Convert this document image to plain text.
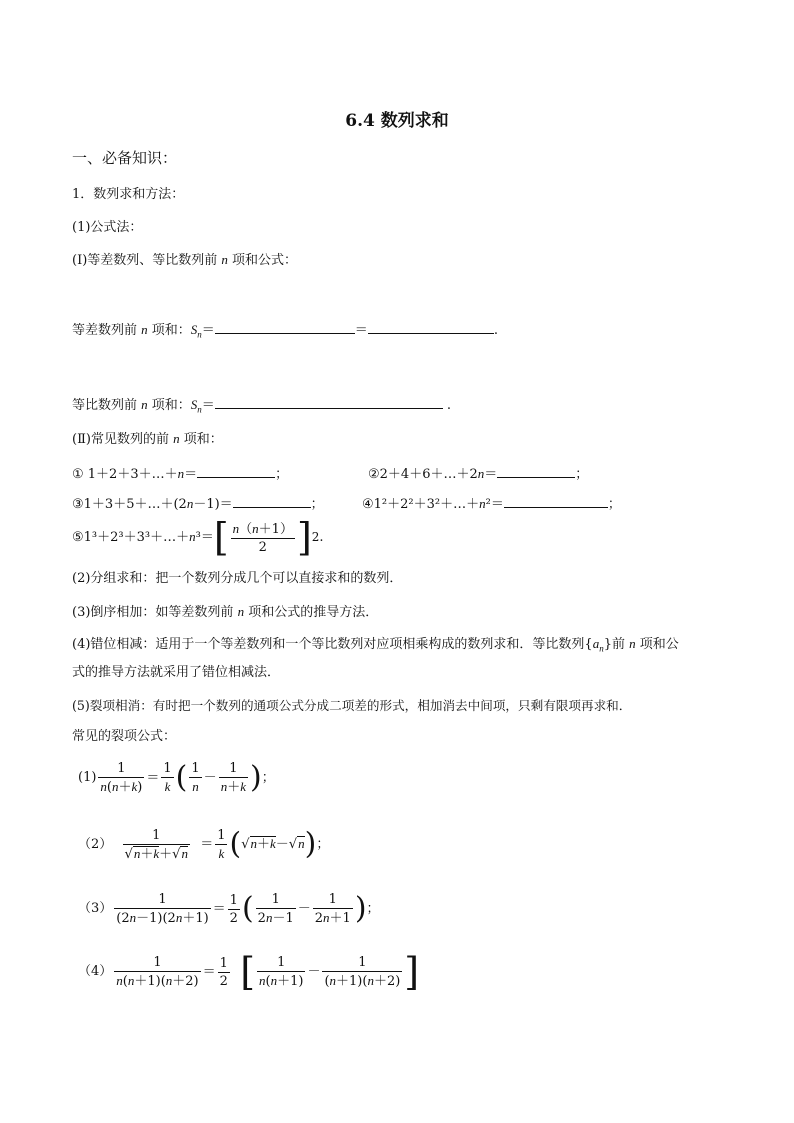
6.4 数列求和
一、必备知识：
1．数列求和方法：
(1)公式法：
(Ⅰ)等差数列、等比数列前 n 项和公式：
等差数列前 n 项和：$S_n=$	＝	.
等比数列前 n 项和：$S_n=$	.
(Ⅱ)常见数列的前 n 项和：
① 1＋2＋3＋…＋n＝	；	②2＋4＋6＋…＋2n＝	；
③1＋3＋5＋…＋(2n－1)＝	；	④1²＋2²＋3²＋…＋n²＝	；
⑤1³＋2³＋3³＋…＋n³＝[ $\frac{n(n+1)}{2} ]^2$.
(2)分组求和：把一个数列分成几个可以直接求和的数列．
(3)倒序相加：如等差数列前 n 项和公式的推导方法．
(4)错位相减：适用于一个等差数列和一个等比数列对应项相乘构成的数列求和．等比数列$\{a_n\}$前 n 项和公
式的推导方法就采用了错位相减法．
(5)裂项相消：有时把一个数列的通项公式分成二项差的形式，相加消去中间项，只剩有限项再求和．
常见的裂项公式：
$(1) \frac{1}{n(n+k)} = \frac{1}{k}$ ( $\frac{1}{n} - \frac{1}{n+k}$ )；
$(2) \frac{1}{√n+k+√n} = \frac{1}{k} (√n+k-√n)$；
$(3) \frac{1}{(2n-1)(2n+1)} = \frac{1}{2}$ ( $\frac{1}{2n-1} - \frac{1}{2n+1}$ )；
$(4) \frac{1}{n(n+1)(n+2)} = \frac{1}{2}$ [ $\frac{1}{n(n+1)} - \frac{1}{(n+1)(n+2)}$ ]
